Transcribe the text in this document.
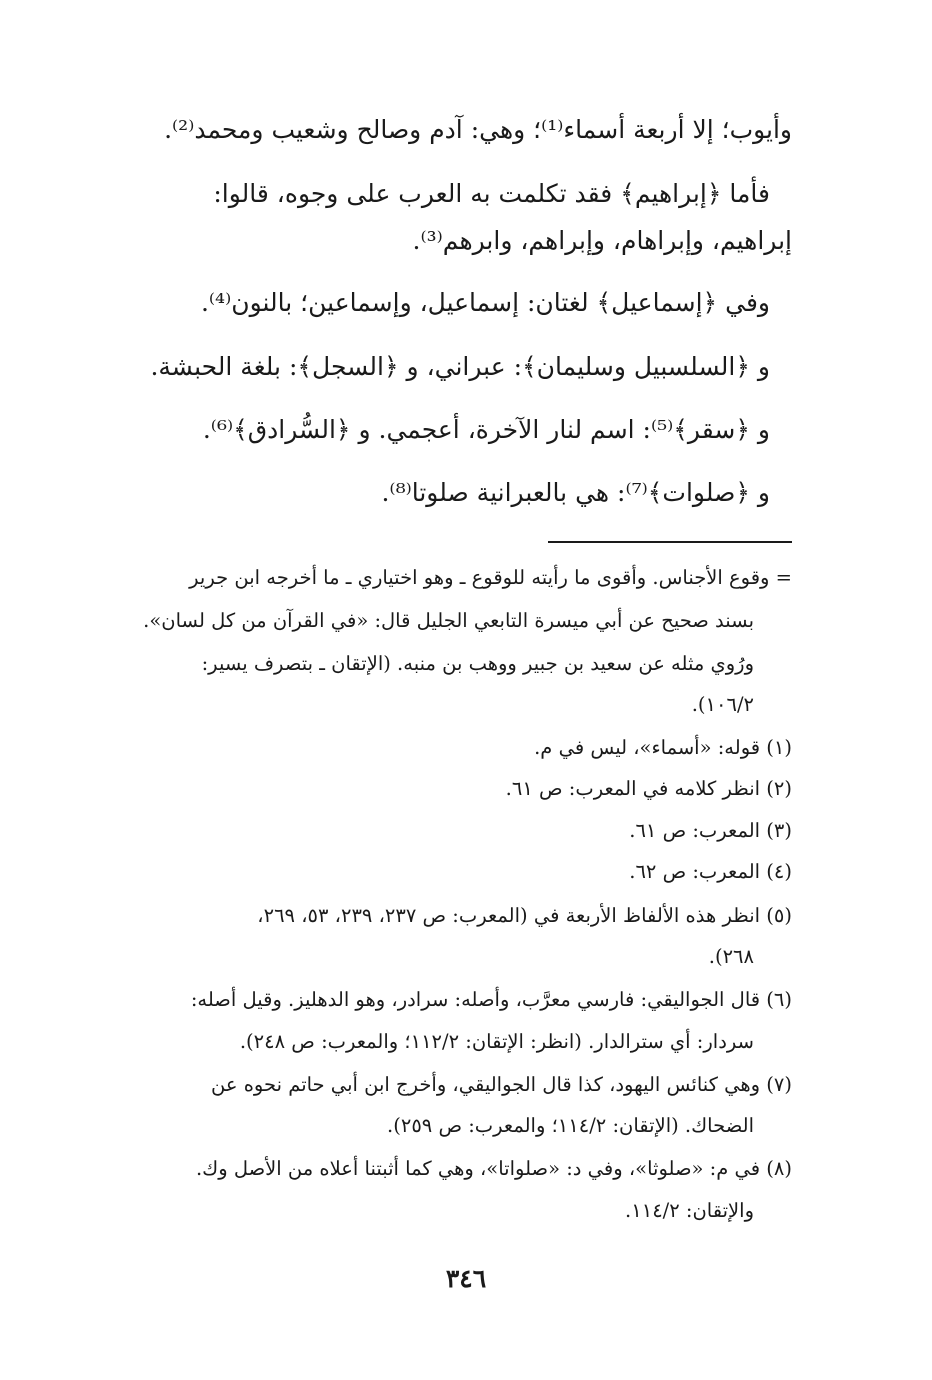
وأيوب؛ إلا أربعة أسماء⁽¹⁾؛ وهي: آدم وصالح وشعيب ومحمد⁽²⁾.
فأما ﴿إبراهيم﴾ فقد تكلمت به العرب على وجوه، قالوا:
إبراهيم، وإبراهام، وإبراهم، وابرهم⁽³⁾.
وفي ﴿إسماعيل﴾ لغتان: إسماعيل، وإسماعين؛ بالنون⁽⁴⁾.
و ﴿السلسبيل وسليمان﴾: عبراني، و ﴿السجل﴾: بلغة الحبشة.
و ﴿سقر﴾⁽⁵⁾: اسم لنار الآخرة، أعجمي. و ﴿السُّرادق﴾⁽⁶⁾.
و ﴿صلوات﴾⁽⁷⁾: هي بالعبرانية صلوتا⁽⁸⁾.
= وقوع الأجناس. وأقوى ما رأيته للوقوع ـ وهو اختياري ـ ما أخرجه ابن جرير
بسند صحيح عن أبي ميسرة التابعي الجليل قال: «في القرآن من كل لسان».
ورُوي مثله عن سعيد بن جبير ووهب بن منبه. (الإتقان ـ بتصرف يسير:
١٠٦/٢).
(١) قوله: «أسماء»، ليس في م.
(٢) انظر كلامه في المعرب: ص ٦١.
(٣) المعرب: ص ٦١.
(٤) المعرب: ص ٦٢.
(٥) انظر هذه الألفاظ الأربعة في (المعرب: ص ٢٣٧، ٢٣٩، ٥٣، ٢٦٩،
٢٦٨).
(٦) قال الجواليقي: فارسي معرَّب، وأصله: سرادر، وهو الدهليز. وقيل أصله:
سردار: أي سترالدار. (انظر: الإتقان: ١١٢/٢؛ والمعرب: ص ٢٤٨).
(٧) وهي كنائس اليهود، كذا قال الجواليقي، وأخرج ابن أبي حاتم نحوه عن
الضحاك. (الإتقان: ١١٤/٢؛ والمعرب: ص ٢٥٩).
(٨) في م: «صلوثا»، وفي د: «صلواتا»، وهي كما أثبتنا أعلاه من الأصل وك.
والإتقان: ١١٤/٢.
٣٤٦
